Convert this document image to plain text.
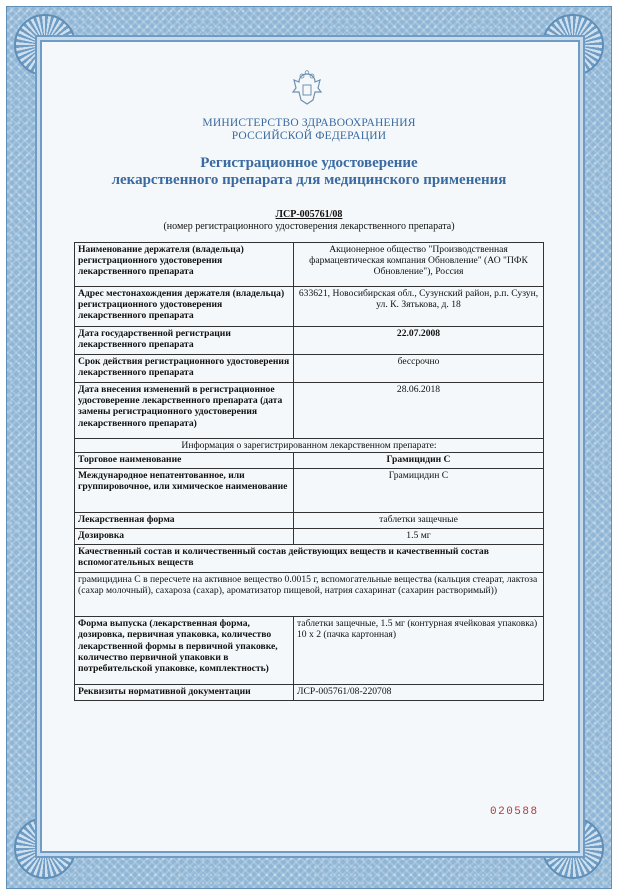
МИНИСТЕРСТВО ЗДРАВООХРАНЕНИЯ
РОССИЙСКОЙ ФЕДЕРАЦИИ
Регистрационное удостоверение
лекарственного препарата для медицинского применения
ЛСР-005761/08
(номер регистрационного удостоверения лекарственного препарата)
Наименование держателя (владельца) регистрационного удостоверения лекарственного препарата	Акционерное общество "Производственная фармацевтическая компания Обновление" (АО "ПФК Обновление"), Россия
Адрес местонахождения держателя (владельца) регистрационного удостоверения лекарственного препарата	633621, Новосибирская обл., Сузунский район, р.п. Сузун, ул. К. Зятькова, д. 18
Дата государственной регистрации лекарственного препарата	22.07.2008
Срок действия регистрационного удостоверения лекарственного препарата	бессрочно
Дата внесения изменений в регистрационное удостоверение лекарственного препарата (дата замены регистрационного удостоверения лекарственного препарата)	28.06.2018
Информация о зарегистрированном лекарственном препарате:	
Торговое наименование	Грамицидин С
Международное непатентованное, или группировочное, или химическое наименование	Грамицидин С
Лекарственная форма	таблетки защечные
Дозировка	1.5 мг
Качественный состав и количественный состав действующих веществ и качественный состав вспомогательных веществ	
грамицидина С в пересчете на активное вещество 0.0015 г, вспомогательные вещества (кальция стеарат, лактоза (сахар молочный), сахароза (сахар), ароматизатор пищевой, натрия сахаринат (сахарин растворимый))	
Форма выпуска (лекарственная форма, дозировка, первичная упаковка, количество лекарственной формы в первичной упаковке, количество первичной упаковки в потребительской упаковке, комплектность)	таблетки защечные, 1.5 мг (контурная ячейковая упаковка) 10 x 2 (пачка картонная)
Реквизиты нормативной документации	ЛСР-005761/08-220708
020588
